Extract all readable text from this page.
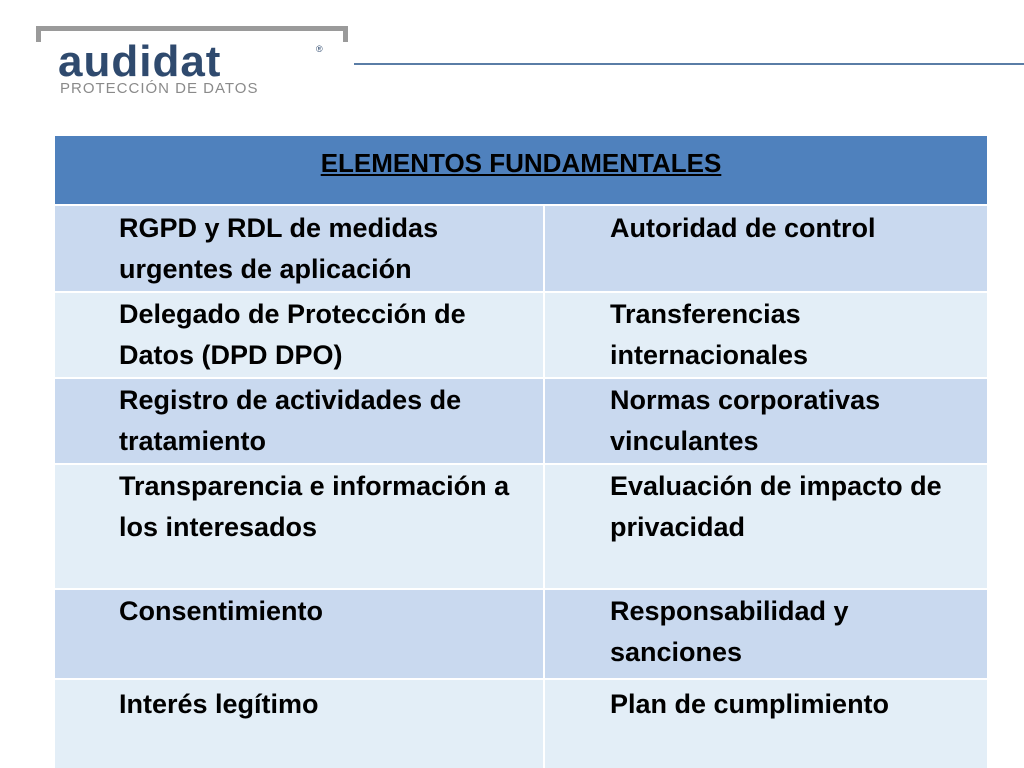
audidat	®
PROTECCIÓN DE DATOS
ELEMENTOS FUNDAMENTALES	

RGPD y RDL de medidas urgentes de aplicación	Autoridad de control

Delegado de Protección de Datos (DPD DPO)	Transferencias internacionales

Registro de actividades de tratamiento	Normas corporativas vinculantes

Transparencia e información a los interesados	Evaluación de impacto de privacidad

Consentimiento	Responsabilidad y sanciones

Interés legítimo	Plan de cumplimiento
